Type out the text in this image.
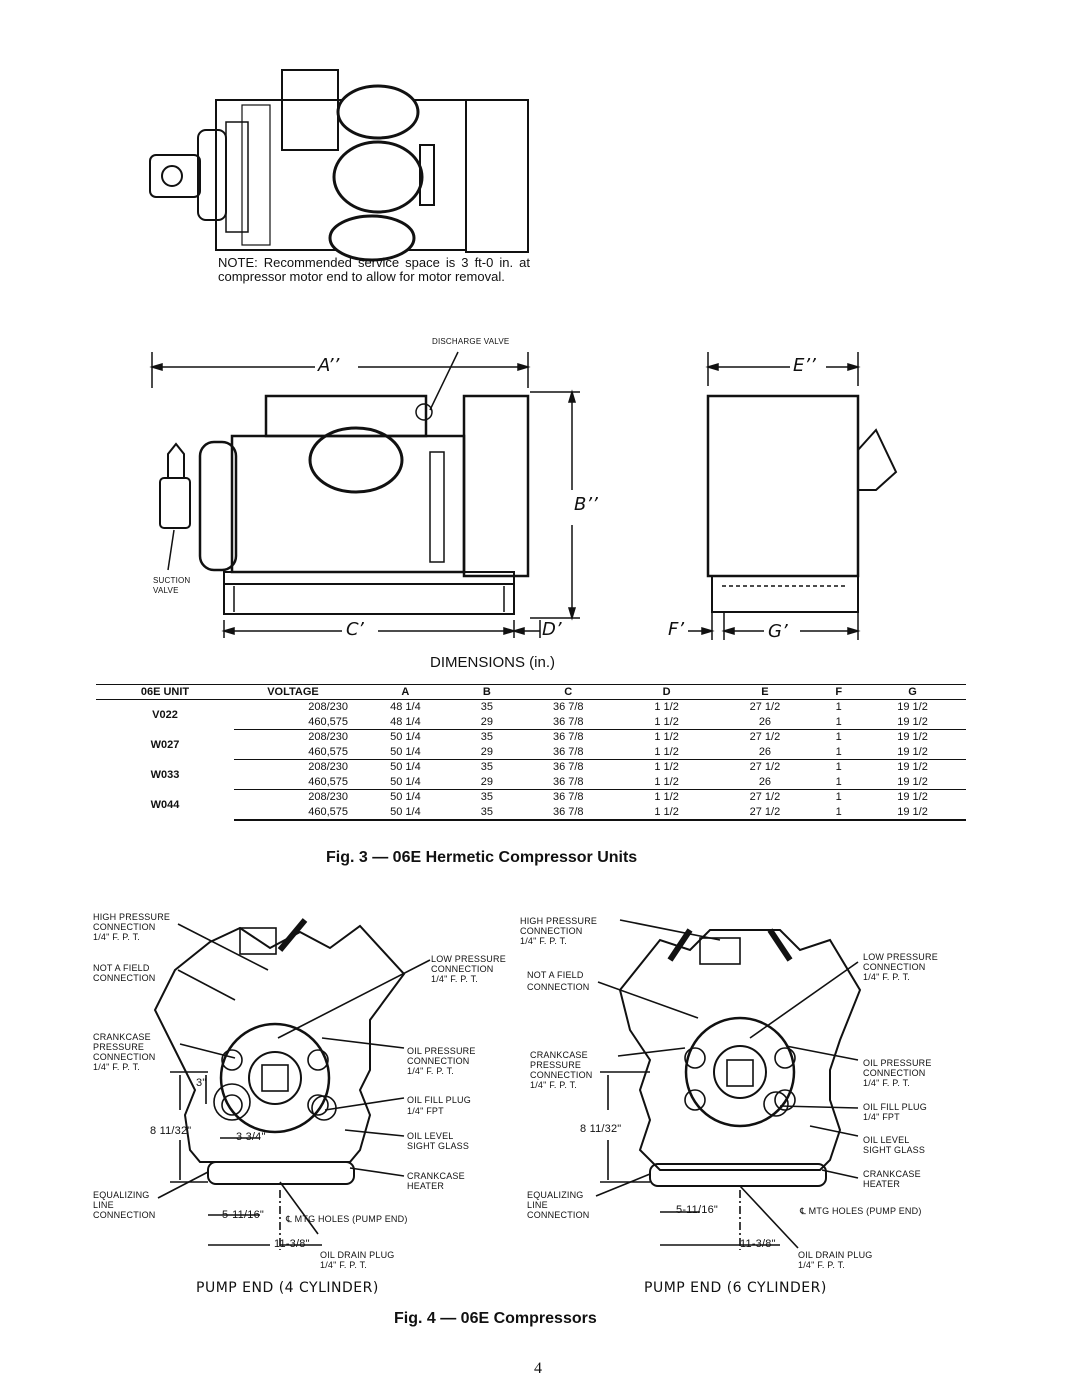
NOTE: Recommended service space is 3 ft-0 in. at compressor motor end to allow for motor removal.
DISCHARGE VALVE
SUCTION
VALVE
A’’
B’’
C’	D’
E’’
F’	G’
DIMENSIONS (in.)
06E UNIT	VOLTAGE	A	B	C	D	E	F	G
V022	208/230	48 1/4	35	36 7/8	1 1/2	27 1/2	1	19 1/2
	460,575	48 1/4	29	36 7/8	1 1/2	26	1	19 1/2
W027	208/230	50 1/4	35	36 7/8	1 1/2	27 1/2	1	19 1/2
	460,575	50 1/4	29	36 7/8	1 1/2	26	1	19 1/2
W033	208/230	50 1/4	35	36 7/8	1 1/2	27 1/2	1	19 1/2
	460,575	50 1/4	29	36 7/8	1 1/2	26	1	19 1/2
W044	208/230	50 1/4	35	36 7/8	1 1/2	27 1/2	1	19 1/2
	460,575	50 1/4	35	36 7/8	1 1/2	27 1/2	1	19 1/2
Fig. 3 — 06E Hermetic Compressor Units
HIGH PRESSURE
CONNECTION
1/4" F. P. T.
NOT A FIELD
CONNECTION
LOW PRESSURE
CONNECTION
1/4" F. P. T.
CRANKCASE
PRESSURE
CONNECTION
1/4" F. P. T.
OIL PRESSURE
CONNECTION
1/4" F. P. T.
OIL FILL PLUG
1/4" FPT
OIL LEVEL
SIGHT GLASS
CRANKCASE
HEATER
EQUALIZING
LINE
CONNECTION	℄ MTG HOLES (PUMP END)
OIL DRAIN PLUG
1/4" F. P. T.
3"
8 11/32"	3 3/4"
5-11/16"
11-3/8"
PUMP END (4 CYLINDER)
HIGH PRESSURE
CONNECTION
1/4" F. P. T.
NOT A FIELD
CONNECTION
LOW PRESSURE
CONNECTION
1/4" F. P. T.
CRANKCASE
PRESSURE
CONNECTION
1/4" F. P. T.
OIL PRESSURE
CONNECTION
1/4" F. P. T.
OIL FILL PLUG
1/4" FPT
OIL LEVEL
SIGHT GLASS
CRANKCASE
HEATER
EQUALIZING
LINE
CONNECTION	℄ MTG HOLES (PUMP END)
OIL DRAIN PLUG
1/4" F. P. T.
8 11/32"
5-11/16"
11-3/8"
PUMP END (6 CYLINDER)
Fig. 4 — 06E Compressors
4
